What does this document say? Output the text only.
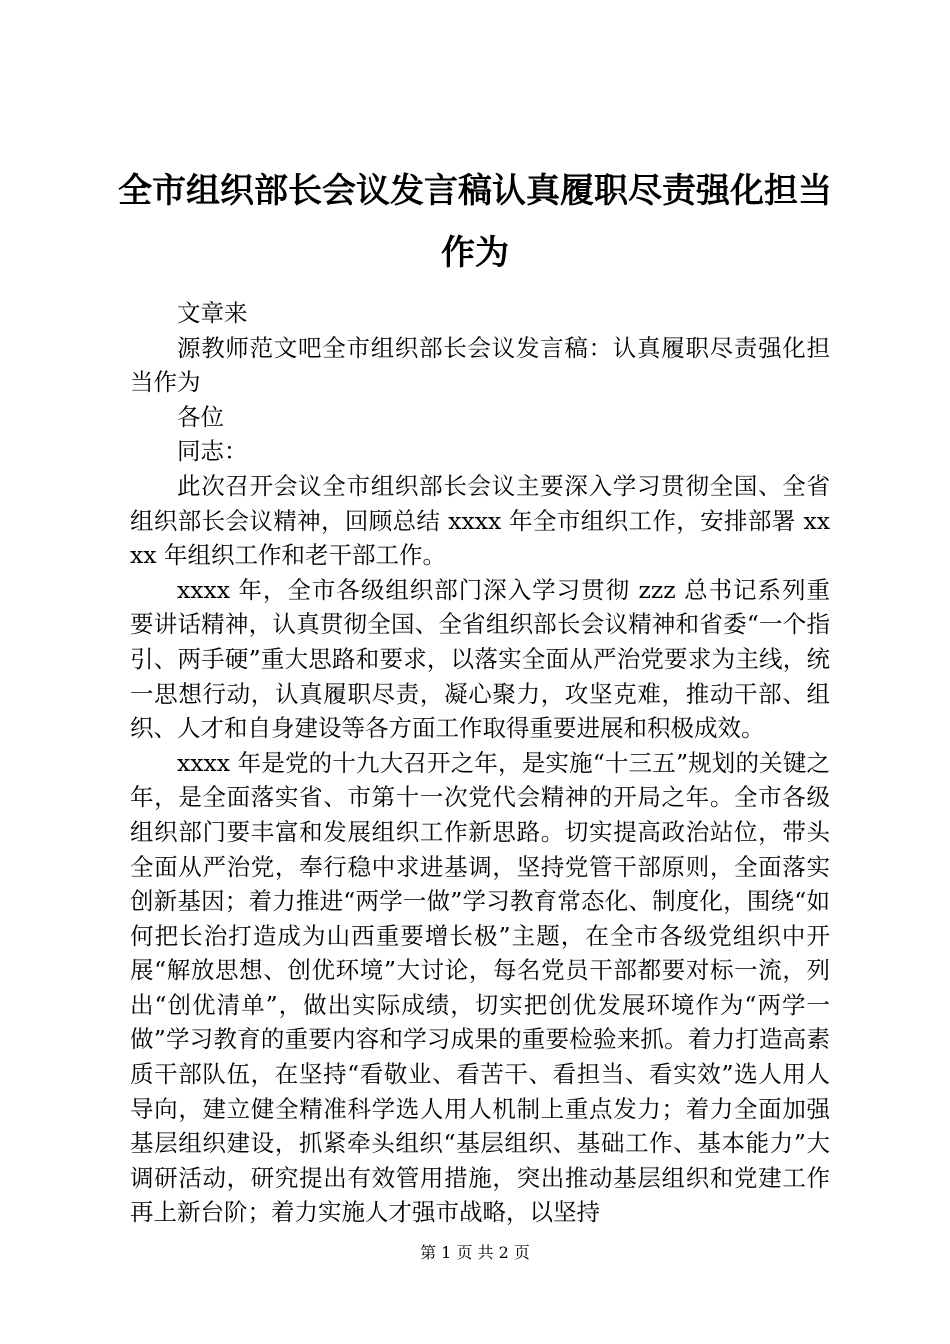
全市组织部长会议发言稿认真履职尽责强化担当作为

文章来

源教师范文吧全市组织部长会议发言稿：认真履职尽责强化担当作为

各位

同志：

此次召开会议全市组织部长会议主要深入学习贯彻全国、全省组织部长会议精神，回顾总结 xxxx 年全市组织工作，安排部署 xxxx 年组织工作和老干部工作。

xxxx 年，全市各级组织部门深入学习贯彻 zzz 总书记系列重要讲话精神，认真贯彻全国、全省组织部长会议精神和省委“一个指引、两手硬”重大思路和要求，以落实全面从严治党要求为主线，统一思想行动，认真履职尽责，凝心聚力，攻坚克难，推动干部、组织、人才和自身建设等各方面工作取得重要进展和积极成效。

xxxx 年是党的十九大召开之年，是实施“十三五”规划的关键之年，是全面落实省、市第十一次党代会精神的开局之年。全市各级组织部门要丰富和发展组织工作新思路。切实提高政治站位，带头全面从严治党，奉行稳中求进基调，坚持党管干部原则，全面落实创新基因；着力推进“两学一做”学习教育常态化、制度化，围绕“如何把长治打造成为山西重要增长极”主题，在全市各级党组织中开展“解放思想、创优环境”大讨论，每名党员干部都要对标一流，列出“创优清单”，做出实际成绩，切实把创优发展环境作为“两学一做”学习教育的重要内容和学习成果的重要检验来抓。着力打造高素质干部队伍，在坚持“看敬业、看苦干、看担当、看实效”选人用人导向，建立健全精准科学选人用人机制上重点发力；着力全面加强基层组织建设，抓紧牵头组织“基层组织、基础工作、基本能力”大调研活动，研究提出有效管用措施，突出推动基层组织和党建工作再上新台阶；着力实施人才强市战略，以坚持

第 1 页 共 2 页
